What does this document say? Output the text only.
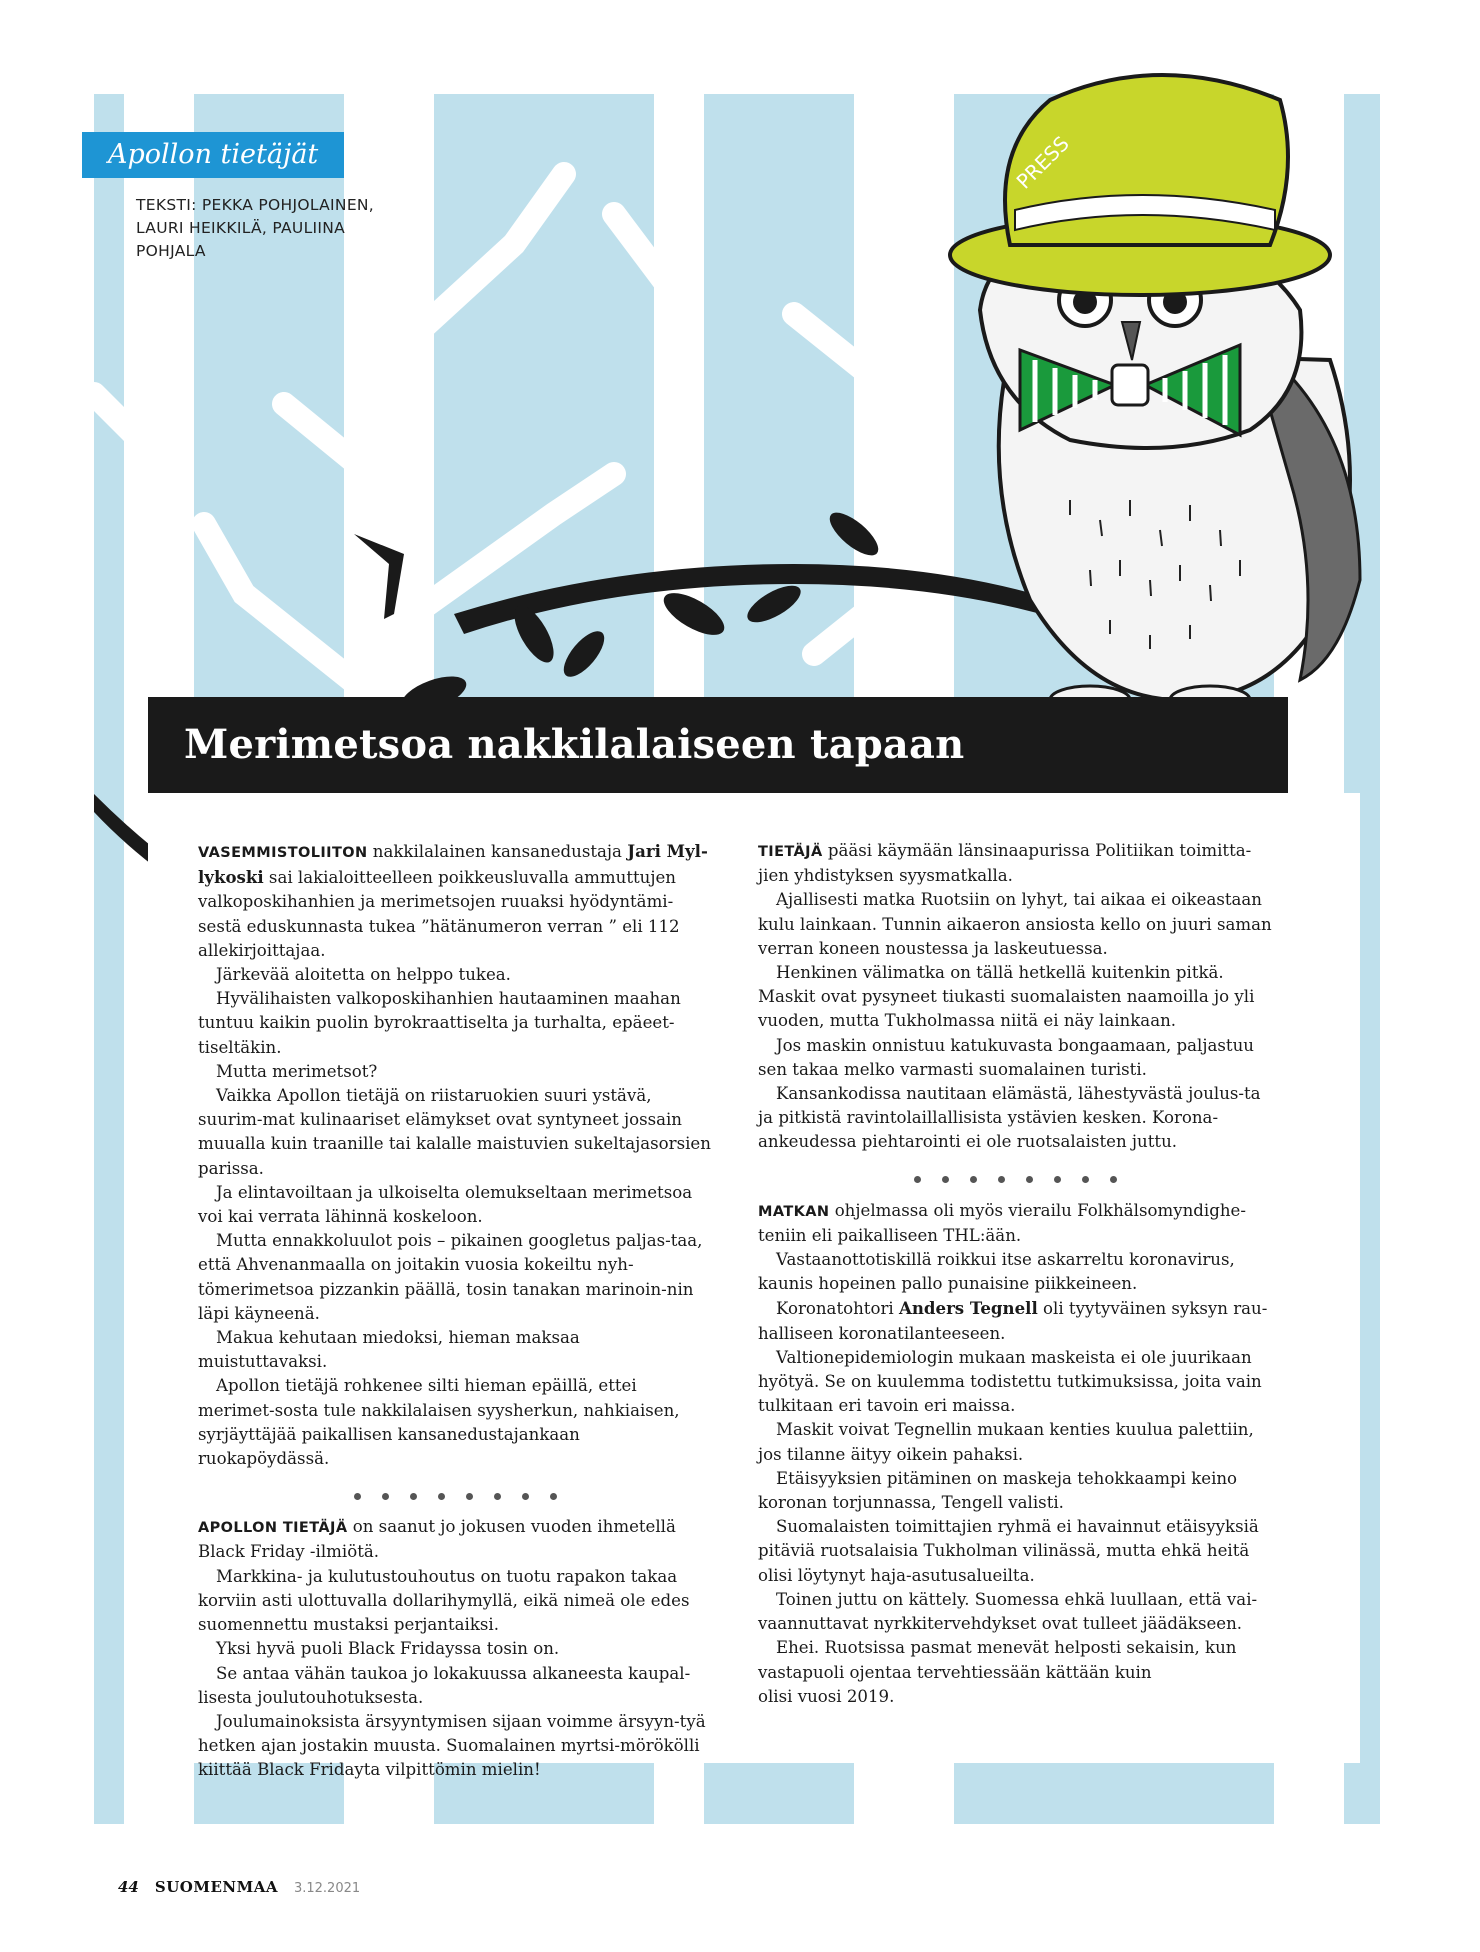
Apollon tietäjät
TEKSTI: PEKKA POHJOLAINEN,
LAURI HEIKKILÄ, PAULIINA
POHJALA
PRESS
Merimetsoa nakkilalaiseen tapaan

VASEMMISTOLIITON nakkilalainen kansanedustaja Jari Myl-lykoski sai lakialoitteelleen poikkeusluvalla ammuttujen valkoposkihanhien ja merimetsojen ruuaksi hyödyntämi-sestä eduskunnasta tukea ”hätänumeron verran ” eli 112 allekirjoittajaa.

Järkevää aloitetta on helppo tukea.

Hyvälihaisten valkoposkihanhien hautaaminen maahan tuntuu kaikin puolin byrokraattiselta ja turhalta, epäeet-tiseltäkin.

Mutta merimetsot?

Vaikka Apollon tietäjä on riistaruokien suuri ystävä, suurim-mat kulinaariset elämykset ovat syntyneet jossain muualla kuin traanille tai kalalle maistuvien sukeltajasorsien parissa.

Ja elintavoiltaan ja ulkoiselta olemukseltaan merimetsoa voi kai verrata lähinnä koskeloon.

Mutta ennakkoluulot pois – pikainen googletus paljas-taa, että Ahvenanmaalla on joitakin vuosia kokeiltu nyh-tömerimetsoa pizzankin päällä, tosin tanakan marinoin-nin läpi käyneenä.

Makua kehutaan miedoksi, hieman maksaa muistuttavaksi.

Apollon tietäjä rohkenee silti hieman epäillä, ettei merimet-sosta tule nakkilalaisen syysherkun, nahkiaisen, syrjäyttäjää paikallisen kansanedustajankaan ruokapöydässä.

APOLLON TIETÄJÄ on saanut jo jokusen vuoden ihmetellä Black Friday -ilmiötä.

Markkina- ja kulutustouhoutus on tuotu rapakon takaa korviin asti ulottuvalla dollarihymyllä, eikä nimeä ole edes suomennettu mustaksi perjantaiksi.

Yksi hyvä puoli Black Fridayssa tosin on.

Se antaa vähän taukoa jo lokakuussa alkaneesta kaupal-lisesta joulutouhotuksesta.

Joulumainoksista ärsyyntymisen sijaan voimme ärsyyn-tyä hetken ajan jostakin muusta. Suomalainen myrtsi-mörökölli kiittää Black Fridayta vilpittömin mielin!

TIETÄJÄ pääsi käymään länsinaapurissa Politiikan toimitta-jien yhdistyksen syysmatkalla.

Ajallisesti matka Ruotsiin on lyhyt, tai aikaa ei oikeastaan kulu lainkaan. Tunnin aikaeron ansiosta kello on juuri saman verran koneen noustessa ja laskeutuessa.

Henkinen välimatka on tällä hetkellä kuitenkin pitkä.

Maskit ovat pysyneet tiukasti suomalaisten naamoilla jo yli vuoden, mutta Tukholmassa niitä ei näy lainkaan.

Jos maskin onnistuu katukuvasta bongaamaan, paljastuu sen takaa melko varmasti suomalainen turisti.

Kansankodissa nautitaan elämästä, lähestyvästä joulus-ta ja pitkistä ravintolaillallisista ystävien kesken. Korona-ankeudessa piehtarointi ei ole ruotsalaisten juttu.

MATKAN ohjelmassa oli myös vierailu Folkhälsomyndighe-teniin eli paikalliseen THL:ään.

Vastaanottotiskillä roikkui itse askarreltu koronavirus, kaunis hopeinen pallo punaisine piikkeineen.

Koronatohtori Anders Tegnell oli tyytyväinen syksyn rau-halliseen koronatilanteeseen.

Valtionepidemiologin mukaan maskeista ei ole juurikaan hyötyä. Se on kuulemma todistettu tutkimuksissa, joita vain tulkitaan eri tavoin eri maissa.

Maskit voivat Tegnellin mukaan kenties kuulua palettiin, jos tilanne äityy oikein pahaksi.

Etäisyyksien pitäminen on maskeja tehokkaampi keino koronan torjunnassa, Tengell valisti.

Suomalaisten toimittajien ryhmä ei havainnut etäisyyksiä pitäviä ruotsalaisia Tukholman vilinässä, mutta ehkä heitä olisi löytynyt haja-asutusalueilta.

Toinen juttu on kättely. Suomessa ehkä luullaan, että vai-vaannuttavat nyrkkitervehdykset ovat tulleet jäädäkseen.

Ehei. Ruotsissa pasmat menevät helposti sekaisin, kun vastapuoli ojentaa tervehtiessään kättään kuin

olisi vuosi 2019.

44 SUOMENMAA 3.12.2021
